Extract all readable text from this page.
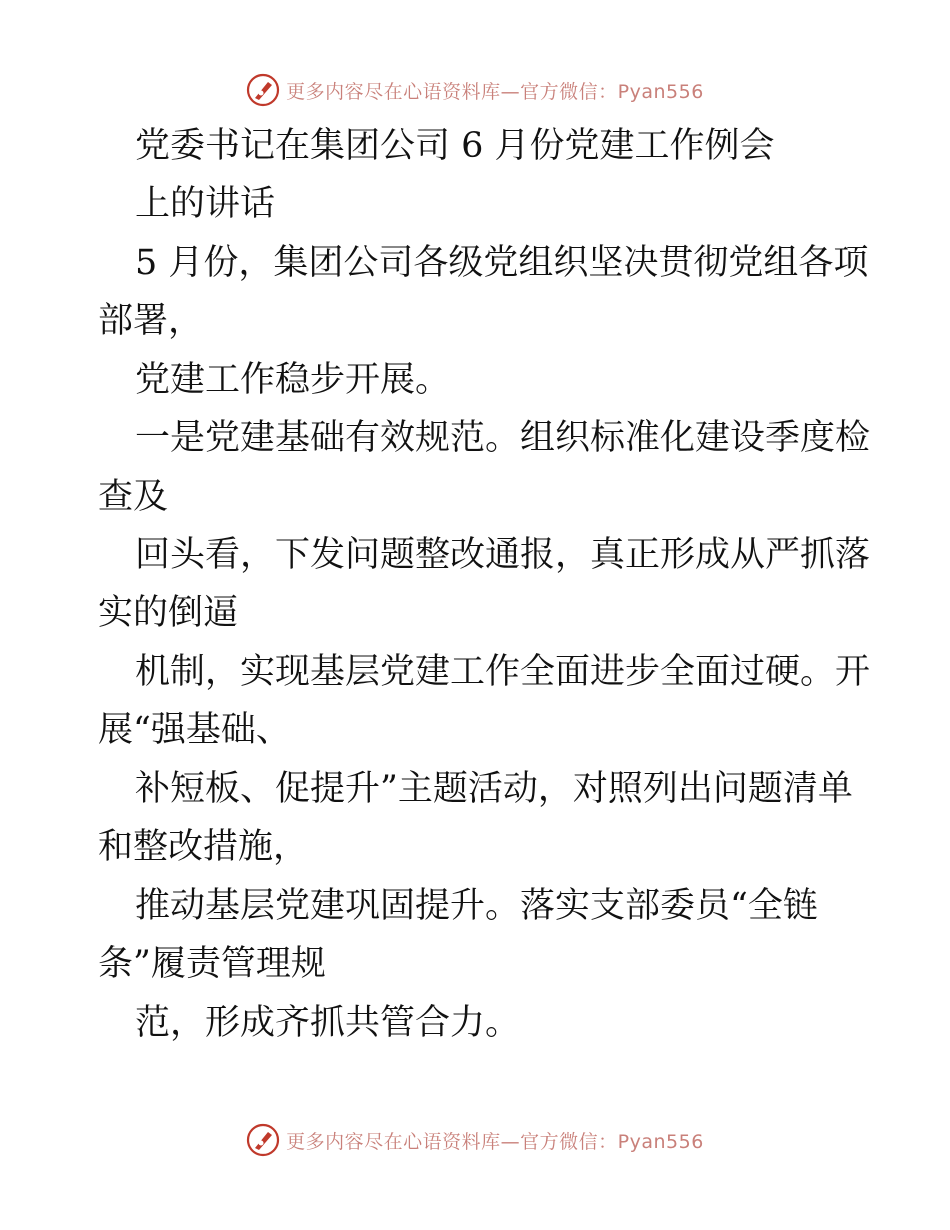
更多内容尽在心语资料库—官方微信：Pyan556
党委书记在集团公司 6 月份党建工作例会
上的讲话
5 月份，集团公司各级党组织坚决贯彻党组各项
部署，
党建工作稳步开展。
一是党建基础有效规范。组织标准化建设季度检
查及
回头看，下发问题整改通报，真正形成从严抓落
实的倒逼
机制，实现基层党建工作全面进步全面过硬。开
展“强基础、
补短板、促提升”主题活动，对照列出问题清单
和整改措施，
推动基层党建巩固提升。落实支部委员“全链
条”履责管理规
范，形成齐抓共管合力。
更多内容尽在心语资料库—官方微信：Pyan556
